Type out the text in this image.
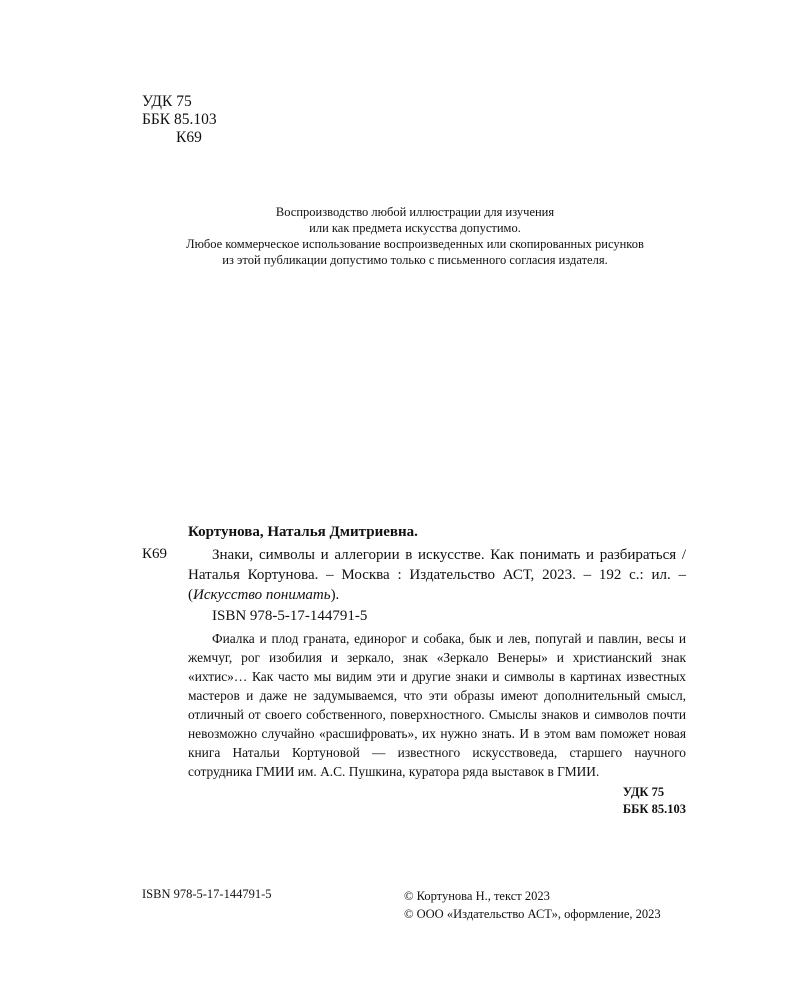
УДК 75
ББК 85.103
К69
Воспроизводство любой иллюстрации для изучения
или как предмета искусства допустимо.
Любое коммерческое использование воспроизведенных или скопированных рисунков
из этой публикации допустимо только с письменного согласия издателя.
Кортунова, Наталья Дмитриевна.
К69	Знаки, символы и аллегории в искусстве. Как понимать и разбираться / Наталья Кортунова. – Москва : Издательство АСТ, 2023. – 192 с.: ил. – (Искусство понимать).
ISBN 978-5-17-144791-5
Фиалка и плод граната, единорог и собака, бык и лев, попугай и павлин, весы и жемчуг, рог изобилия и зеркало, знак «Зеркало Венеры» и христианский знак «ихтис»… Как часто мы видим эти и другие знаки и символы в картинах известных мастеров и даже не задумываемся, что эти образы имеют дополнительный смысл, отличный от своего собственного, поверхностного. Смыслы знаков и символов почти невозможно случайно «расшифровать», их нужно знать. И в этом вам поможет новая книга Натальи Кортуновой — известного искусствоведа, старшего научного сотрудника ГМИИ им. А.С. Пушкина, куратора ряда выставок в ГМИИ.
УДК 75
ББК 85.103
ISBN 978-5-17-144791-5	© Кортунова Н., текст 2023
© ООО «Издательство АСТ», оформление, 2023
